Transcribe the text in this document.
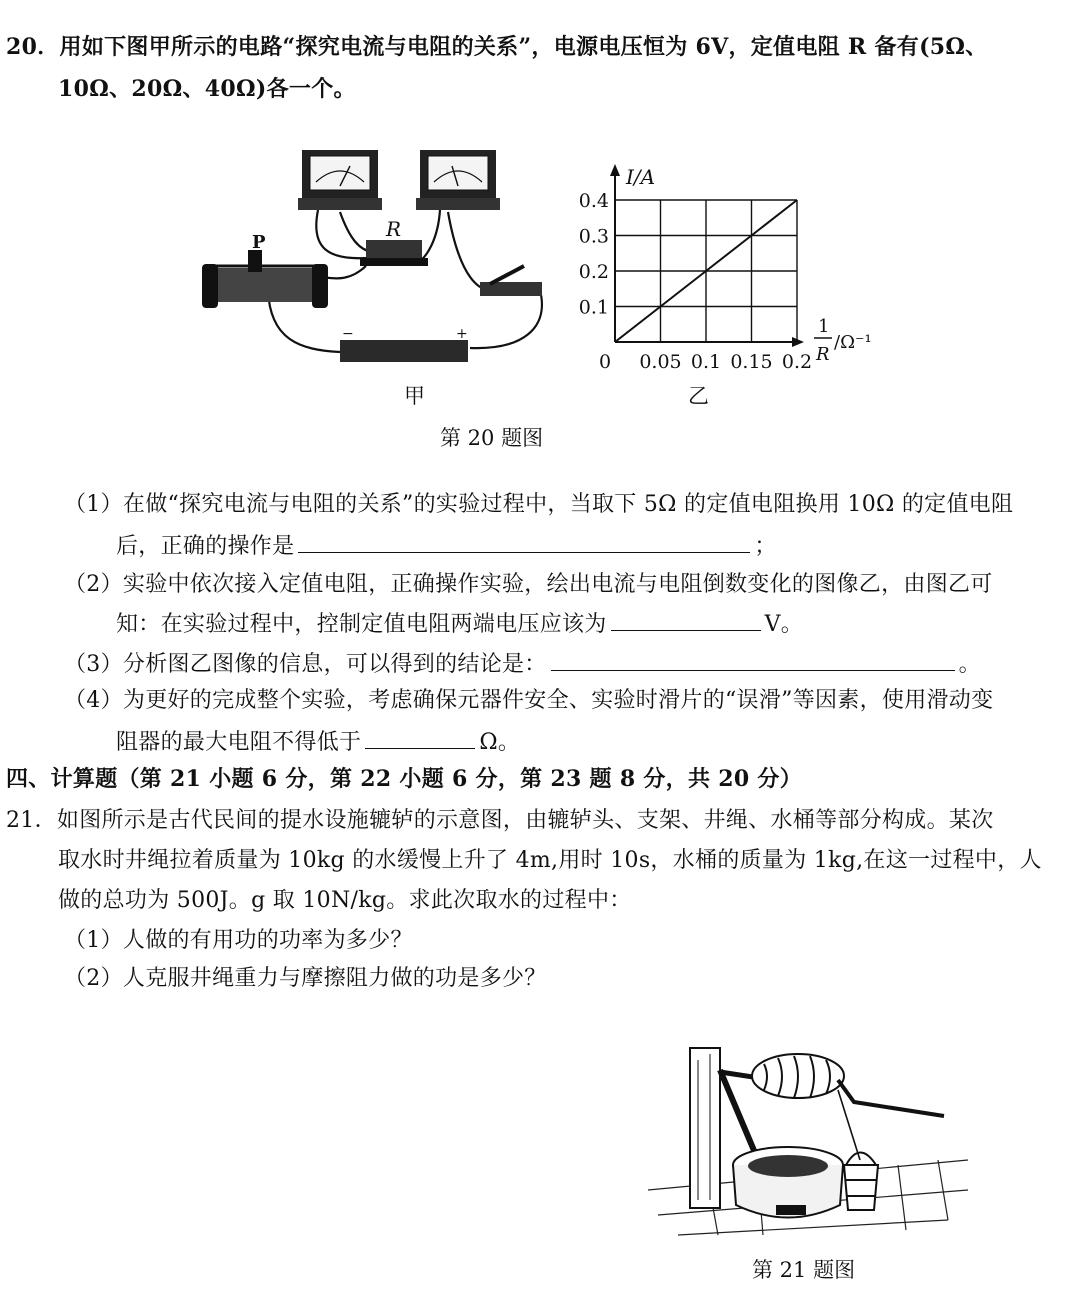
20．用如下图甲所示的电路“探究电流与电阻的关系”，电源电压恒为 6V，定值电阻 R 备有(5Ω、
10Ω、20Ω、40Ω)各一个。
R
P
−	+
甲
0.1
0.2
0.3
0.4
0 0.05 0.1 0.15 0.2
I/A
1
R
/Ω⁻¹
乙
第 20 题图
（1）在做“探究电流与电阻的关系”的实验过程中，当取下 5Ω 的定值电阻换用 10Ω 的定值电阻
后，正确的操作是	；
（2）实验中依次接入定值电阻，正确操作实验，绘出电流与电阻倒数变化的图像乙，由图乙可
知：在实验过程中，控制定值电阻两端电压应该为	V。
（3）分析图乙图像的信息，可以得到的结论是：	。
（4）为更好的完成整个实验，考虑确保元器件安全、实验时滑片的“误滑”等因素，使用滑动变
阻器的最大电阻不得低于	Ω。
四、计算题（第 21 小题 6 分，第 22 小题 6 分，第 23 题 8 分，共 20 分）
21．如图所示是古代民间的提水设施辘轳的示意图，由辘轳头、支架、井绳、水桶等部分构成。某次
取水时井绳拉着质量为 10kg 的水缓慢上升了 4m,用时 10s，水桶的质量为 1kg,在这一过程中，人
做的总功为 500J。g 取 10N/kg。求此次取水的过程中：
（1）人做的有用功的功率为多少？
（2）人克服井绳重力与摩擦阻力做的功是多少？
第 21 题图
